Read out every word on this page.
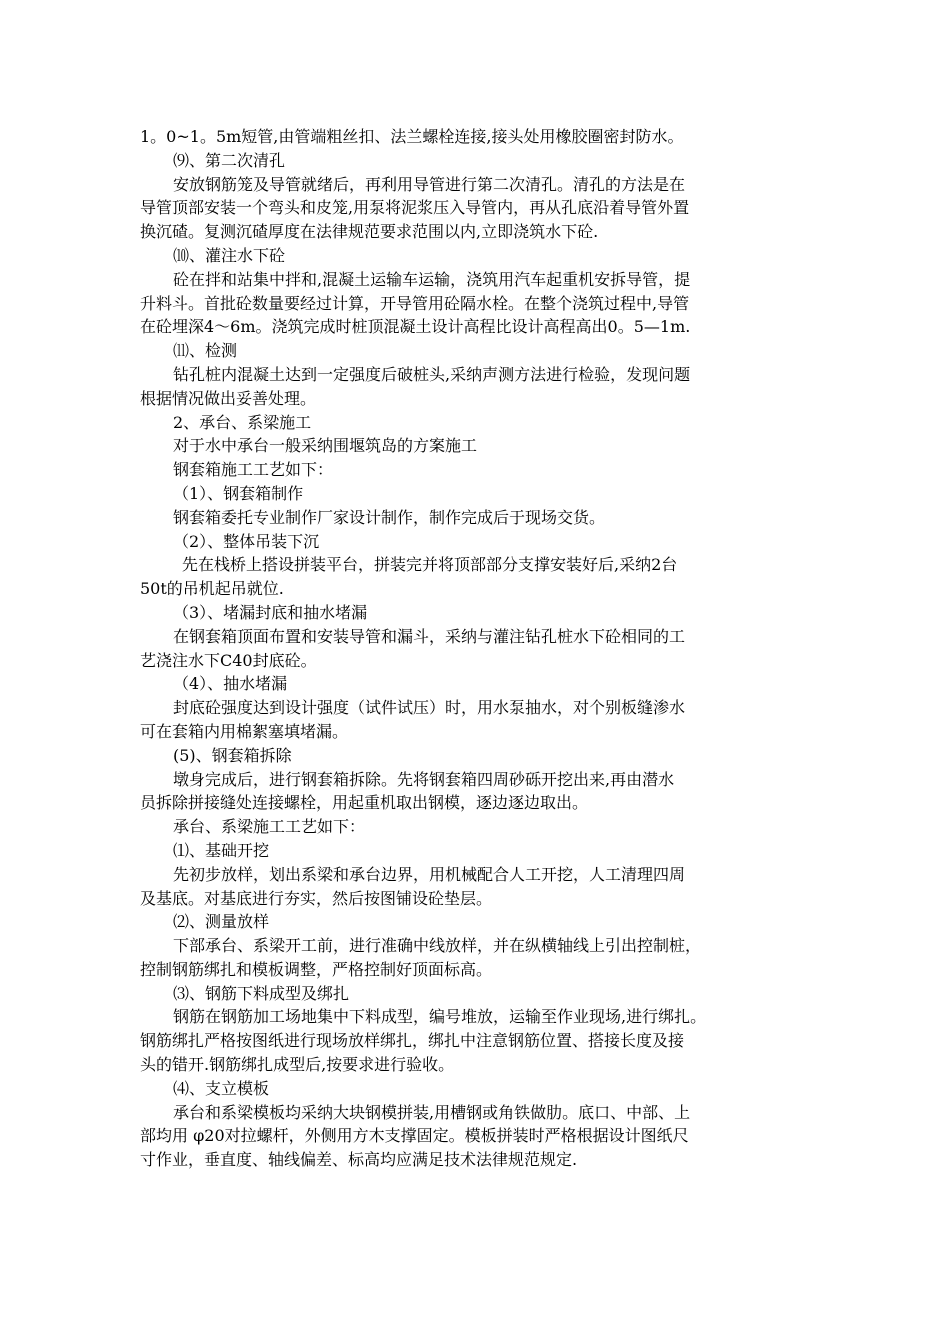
1。0~1。5m短管,由管端粗丝扣、法兰螺栓连接,接头处用橡胶圈密封防水。
⑼、第二次清孔
安放钢筋笼及导管就绪后，再利用导管进行第二次清孔。清孔的方法是在
导管顶部安装一个弯头和皮笼,用泵将泥浆压入导管内，再从孔底沿着导管外置
换沉碴。复测沉碴厚度在法律规范要求范围以内,立即浇筑水下砼.
⑽、灌注水下砼
砼在拌和站集中拌和,混凝土运输车运输，浇筑用汽车起重机安拆导管，提
升料斗。首批砼数量要经过计算，开导管用砼隔水栓。在整个浇筑过程中,导管
在砼埋深4～6m。浇筑完成时桩顶混凝土设计高程比设计高程高出0。5—1m.
⑾、检测
钻孔桩内混凝土达到一定强度后破桩头,采纳声测方法进行检验，发现问题
根据情况做出妥善处理。
2、承台、系梁施工
对于水中承台一般采纳围堰筑岛的方案施工
钢套箱施工工艺如下：
（1）、钢套箱制作
钢套箱委托专业制作厂家设计制作，制作完成后于现场交货。
（2）、整体吊装下沉
先在栈桥上搭设拼装平台，拼装完并将顶部部分支撑安装好后,采纳2台
50t的吊机起吊就位.
（3）、堵漏封底和抽水堵漏
在钢套箱顶面布置和安装导管和漏斗，采纳与灌注钻孔桩水下砼相同的工
艺浇注水下C40封底砼。
（4）、抽水堵漏
封底砼强度达到设计强度（试件试压）时，用水泵抽水，对个别板缝渗水
可在套箱内用棉絮塞填堵漏。
(5)、钢套箱拆除
墩身完成后，进行钢套箱拆除。先将钢套箱四周砂砾开挖出来,再由潜水
员拆除拼接缝处连接螺栓，用起重机取出钢模，逐边逐边取出。
承台、系梁施工工艺如下：
⑴、基础开挖
先初步放样，划出系梁和承台边界，用机械配合人工开挖，人工清理四周
及基底。对基底进行夯实，然后按图铺设砼垫层。
⑵、测量放样
下部承台、系梁开工前，进行准确中线放样，并在纵横轴线上引出控制桩，
控制钢筋绑扎和模板调整，严格控制好顶面标高。
⑶、钢筋下料成型及绑扎
钢筋在钢筋加工场地集中下料成型，编号堆放，运输至作业现场,进行绑扎。
钢筋绑扎严格按图纸进行现场放样绑扎，绑扎中注意钢筋位置、搭接长度及接
头的错开.钢筋绑扎成型后,按要求进行验收。
⑷、支立模板
承台和系梁模板均采纳大块钢模拼装,用槽钢或角铁做肋。底口、中部、上
部均用 φ20对拉螺杆，外侧用方木支撑固定。模板拼装时严格根据设计图纸尺
寸作业，垂直度、轴线偏差、标高均应满足技术法律规范规定.
